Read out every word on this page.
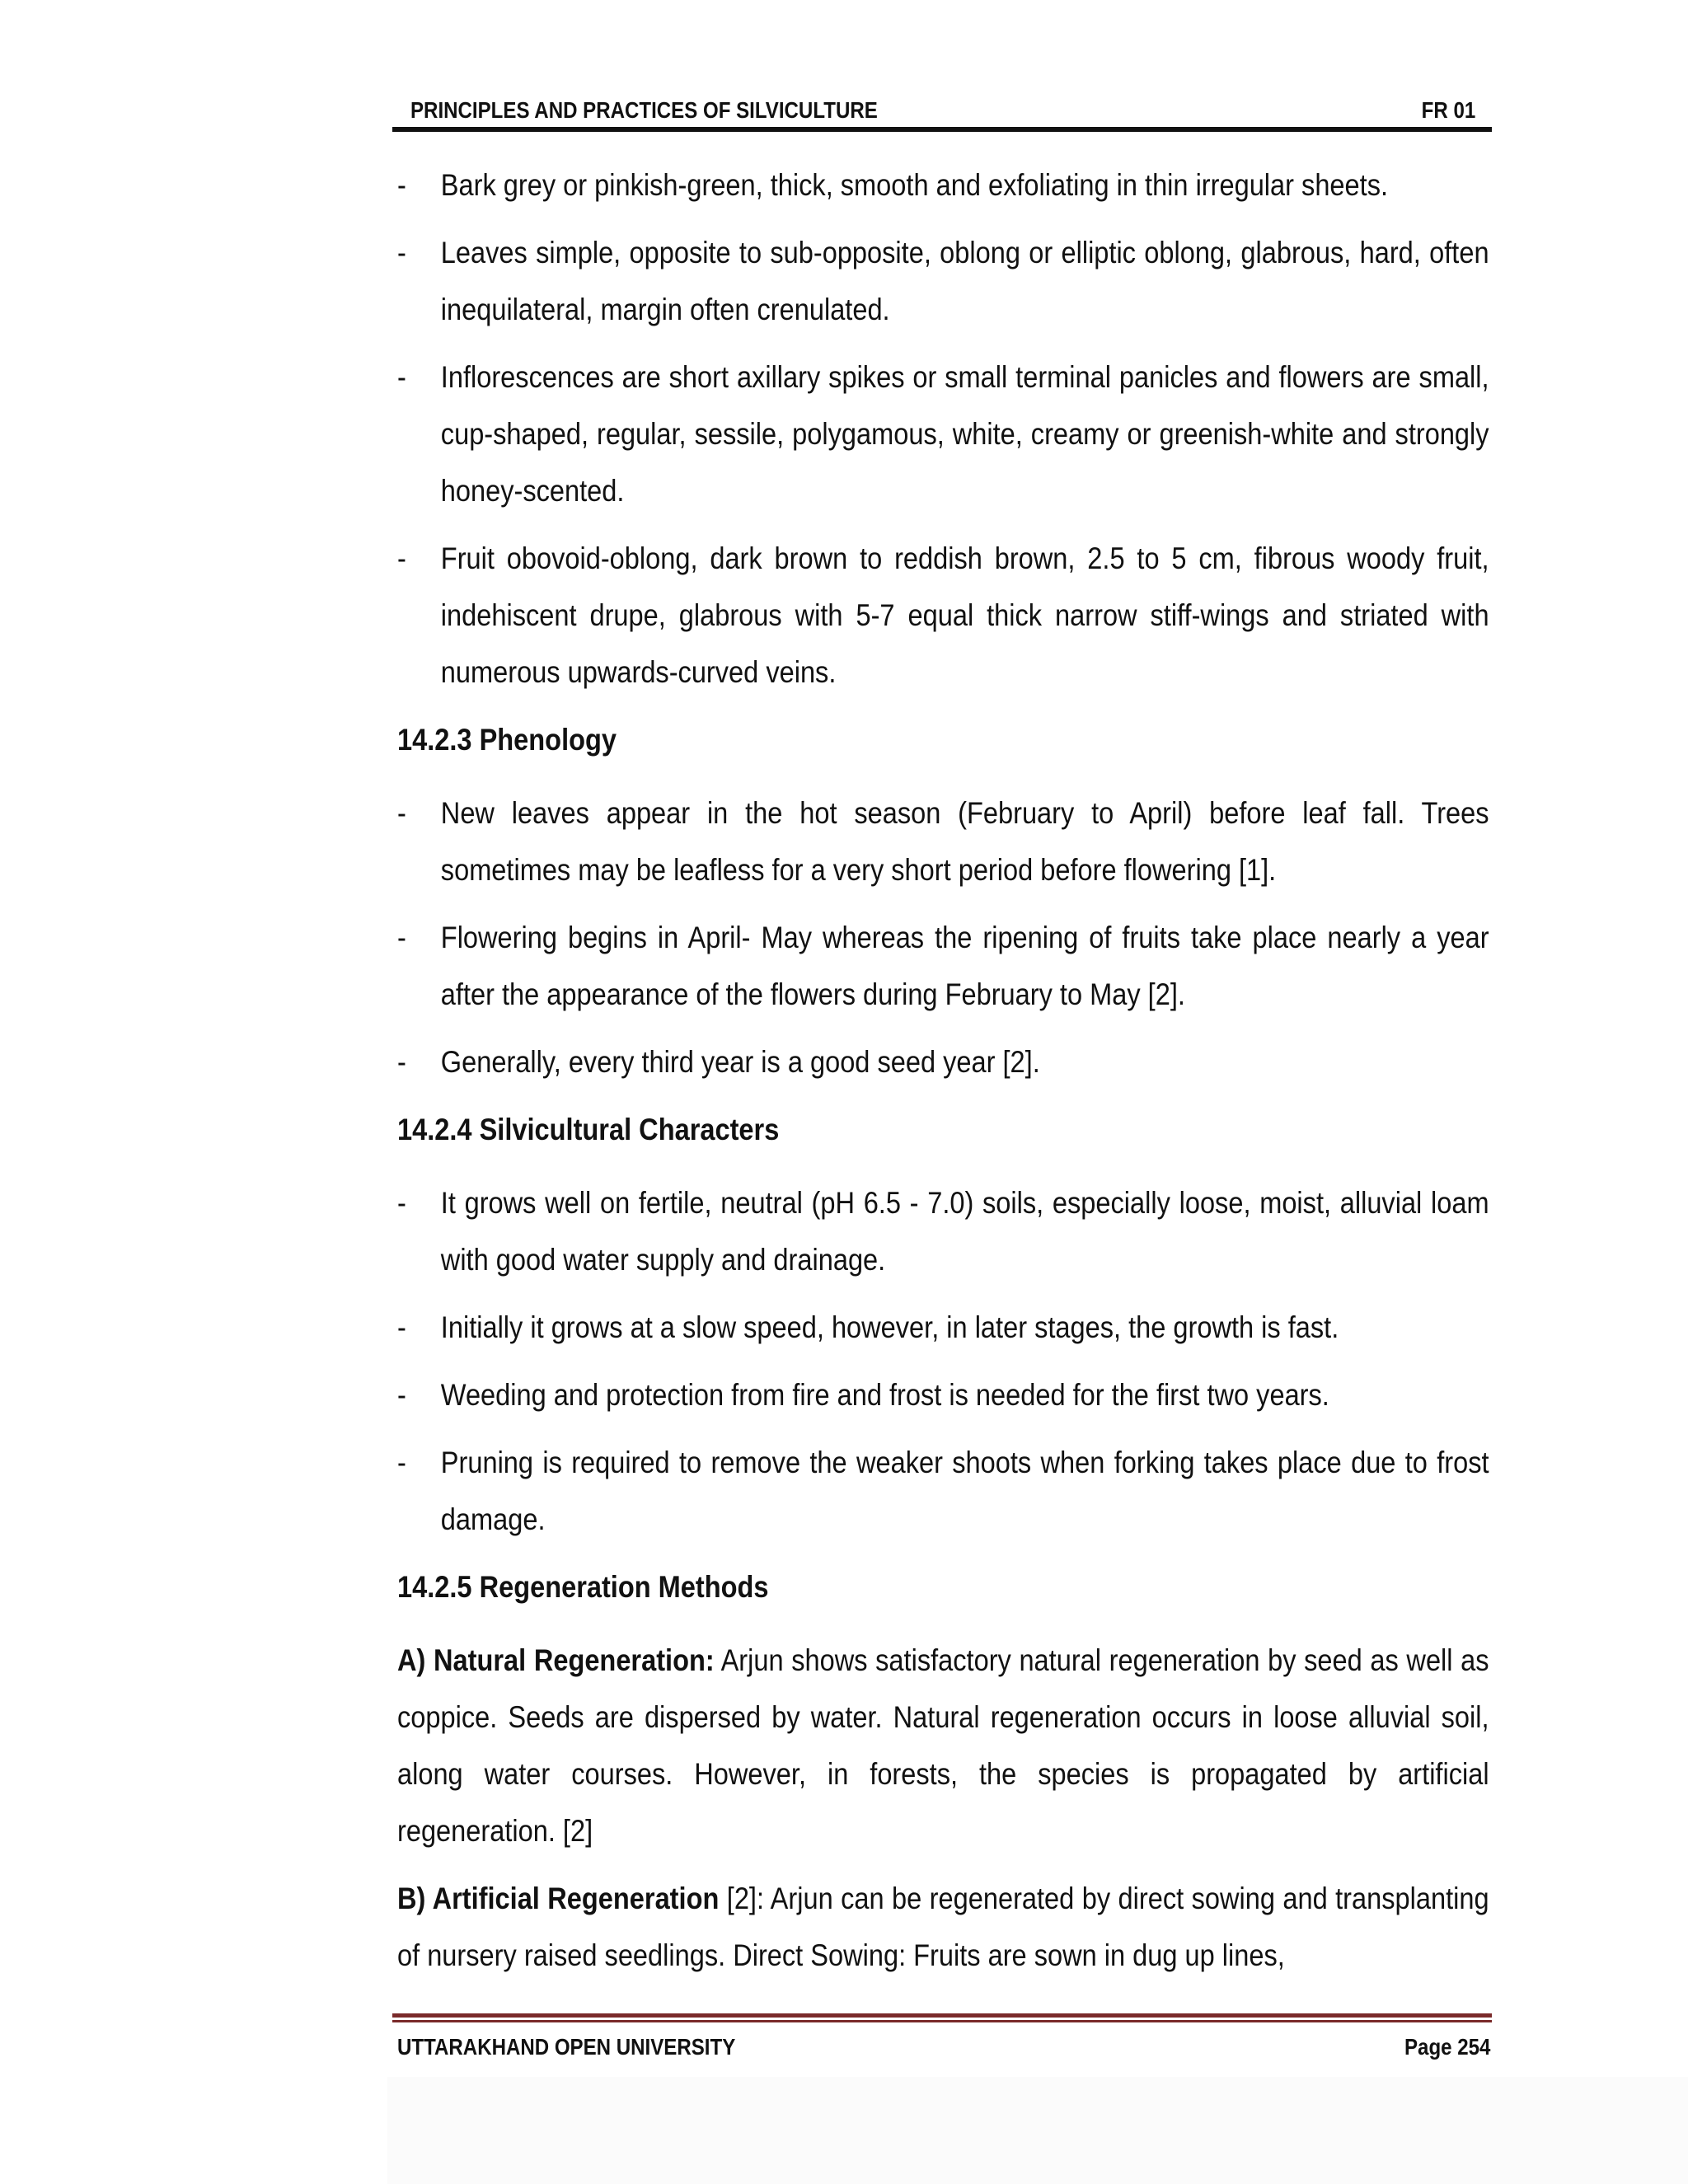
PRINCIPLES AND PRACTICES OF SILVICULTURE	FR 01
- Bark grey or pinkish-green, thick, smooth and exfoliating in thin irregular sheets.
- Leaves simple, opposite to sub-opposite, oblong or elliptic oblong, glabrous, hard, often inequilateral, margin often crenulated.
- Inflorescences are short axillary spikes or small terminal panicles and flowers are small, cup-shaped, regular, sessile, polygamous, white, creamy or greenish-white and strongly honey-scented.
- Fruit obovoid-oblong, dark brown to reddish brown, 2.5 to 5 cm, fibrous woody fruit, indehiscent drupe, glabrous with 5-7 equal thick narrow stiff-wings and striated with numerous upwards-curved veins.
14.2.3 Phenology
- New leaves appear in the hot season (February to April) before leaf fall. Trees sometimes may be leafless for a very short period before flowering [1].
- Flowering begins in April- May whereas the ripening of fruits take place nearly a year after the appearance of the flowers during February to May [2].
- Generally, every third year is a good seed year [2].
14.2.4 Silvicultural Characters
- It grows well on fertile, neutral (pH 6.5 - 7.0) soils, especially loose, moist, alluvial loam with good water supply and drainage.
- Initially it grows at a slow speed, however, in later stages, the growth is fast.
- Weeding and protection from fire and frost is needed for the first two years.
- Pruning is required to remove the weaker shoots when forking takes place due to frost damage.
14.2.5 Regeneration Methods
A) Natural Regeneration: Arjun shows satisfactory natural regeneration by seed as well as coppice. Seeds are dispersed by water. Natural regeneration occurs in loose alluvial soil, along water courses. However, in forests, the species is propagated by artificial regeneration. [2]
B) Artificial Regeneration [2]: Arjun can be regenerated by direct sowing and transplanting of nursery raised seedlings. Direct Sowing: Fruits are sown in dug up lines,
UTTARAKHAND OPEN UNIVERSITY	Page 254
